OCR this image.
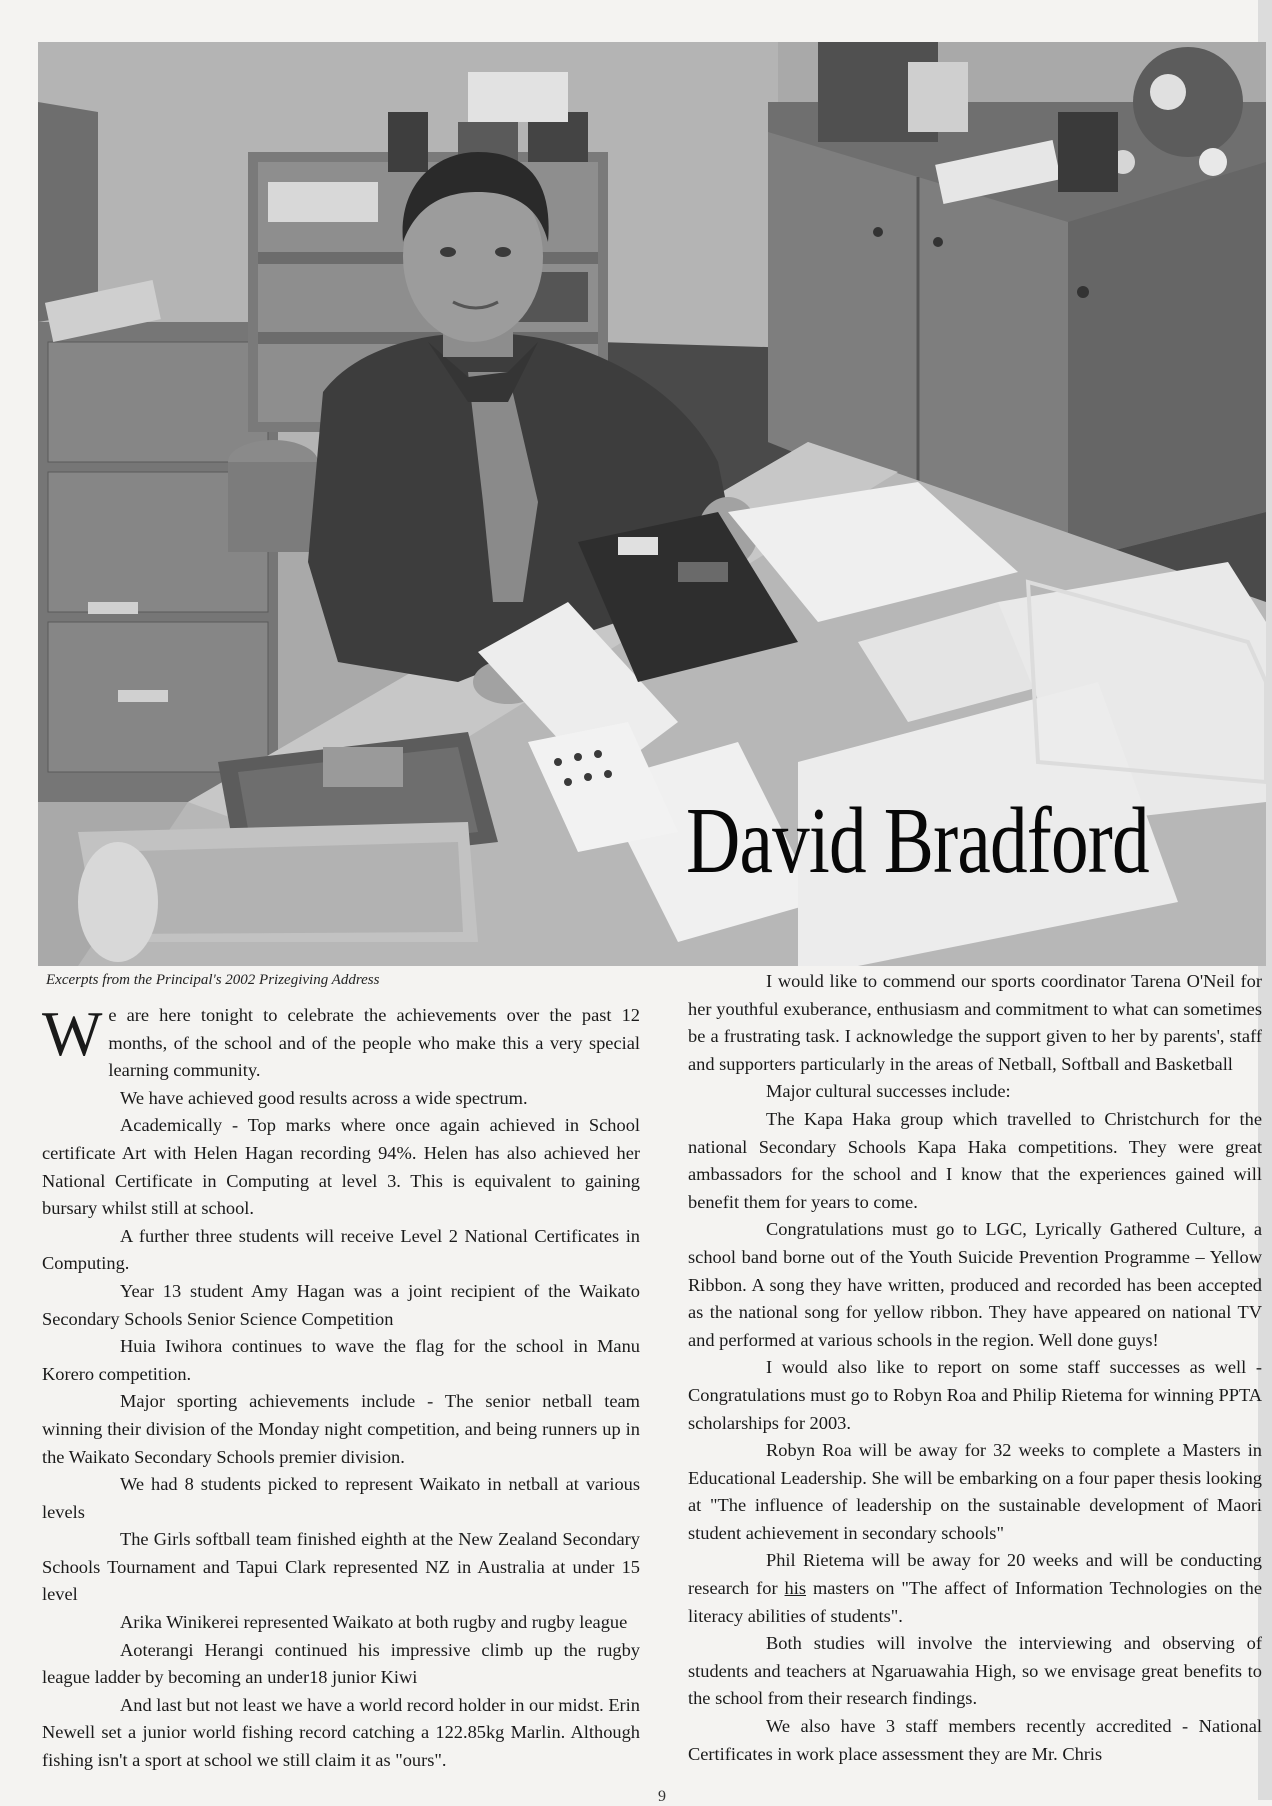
David Bradford
Excerpts from the Principal's 2002 Prizegiving Address

We are here tonight to celebrate the achievements over the past 12 months, of the school and of the people who make this a very special learning community.

We have achieved good results across a wide spectrum.

Academically - Top marks where once again achieved in School certificate Art with Helen Hagan recording 94%. Helen has also achieved her National Certificate in Computing at level 3. This is equivalent to gaining bursary whilst still at school.

A further three students will receive Level 2 National Certificates in Computing.

Year 13 student Amy Hagan was a joint recipient of the Waikato Secondary Schools Senior Science Competition

Huia Iwihora continues to wave the flag for the school in Manu Korero competition.

Major sporting achievements include - The senior netball team winning their division of the Monday night competition, and being runners up in the Waikato Secondary Schools premier division.

We had 8 students picked to represent Waikato in netball at various levels

The Girls softball team finished eighth at the New Zealand Secondary Schools Tournament and Tapui Clark represented NZ in Australia at under 15 level

Arika Winikerei represented Waikato at both rugby and rugby league

Aoterangi Herangi continued his impressive climb up the rugby league ladder by becoming an under18 junior Kiwi

And last but not least we have a world record holder in our midst. Erin Newell set a junior world fishing record catching a 122.85kg Marlin. Although fishing isn't a sport at school we still claim it as "ours".

I would like to commend our sports coordinator Tarena O'Neil for her youthful exuberance, enthusiasm and commitment to what can sometimes be a frustrating task. I acknowledge the support given to her by parents', staff and supporters particularly in the areas of Netball, Softball and Basketball

Major cultural successes include:

The Kapa Haka group which travelled to Christchurch for the national Secondary Schools Kapa Haka competitions. They were great ambassadors for the school and I know that the experiences gained will benefit them for years to come.

Congratulations must go to LGC, Lyrically Gathered Culture, a school band borne out of the Youth Suicide Prevention Programme – Yellow Ribbon. A song they have written, produced and recorded has been accepted as the national song for yellow ribbon. They have appeared on national TV and performed at various schools in the region. Well done guys!

I would also like to report on some staff successes as well - Congratulations must go to Robyn Roa and Philip Rietema for winning PPTA scholarships for 2003.

Robyn Roa will be away for 32 weeks to complete a Masters in Educational Leadership. She will be embarking on a four paper thesis looking at "The influence of leadership on the sustainable development of Maori student achievement in secondary schools"

Phil Rietema will be away for 20 weeks and will be conducting research for his masters on "The affect of Information Technologies on the literacy abilities of students".

Both studies will involve the interviewing and observing of students and teachers at Ngaruawahia High, so we envisage great benefits to the school from their research findings.

We also have 3 staff members recently accredited - National Certificates in work place assessment they are Mr. Chris

9
